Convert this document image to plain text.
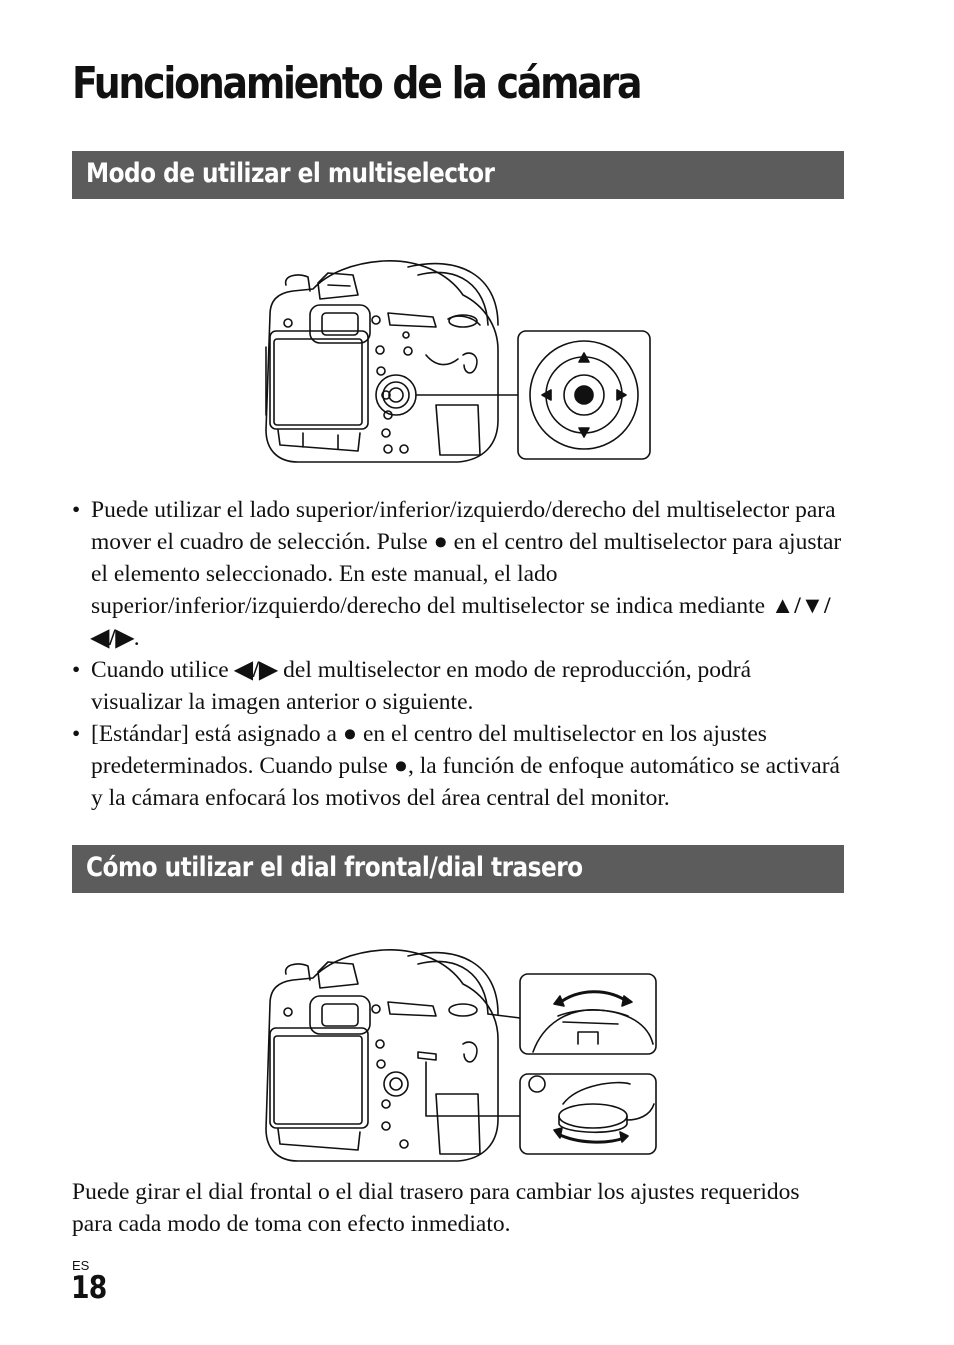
Funcionamiento de la cámara
Modo de utilizar el multiselector
• Puede utilizar el lado superior/inferior/izquierdo/derecho del multiselector para mover el cuadro de selección. Pulse ● en el centro del multiselector para ajustar el elemento seleccionado. En este manual, el lado superior/inferior/izquierdo/derecho del multiselector se indica mediante ▲/▼/◀/▶.
• Cuando utilice ◀/▶ del multiselector en modo de reproducción, podrá visualizar la imagen anterior o siguiente.
• [Estándar] está asignado a ● en el centro del multiselector en los ajustes predeterminados. Cuando pulse ●, la función de enfoque automático se activará y la cámara enfocará los motivos del área central del monitor.
Cómo utilizar el dial frontal/dial trasero

Puede girar el dial frontal o el dial trasero para cambiar los ajustes requeridos para cada modo de toma con efecto inmediato.

ES
18
